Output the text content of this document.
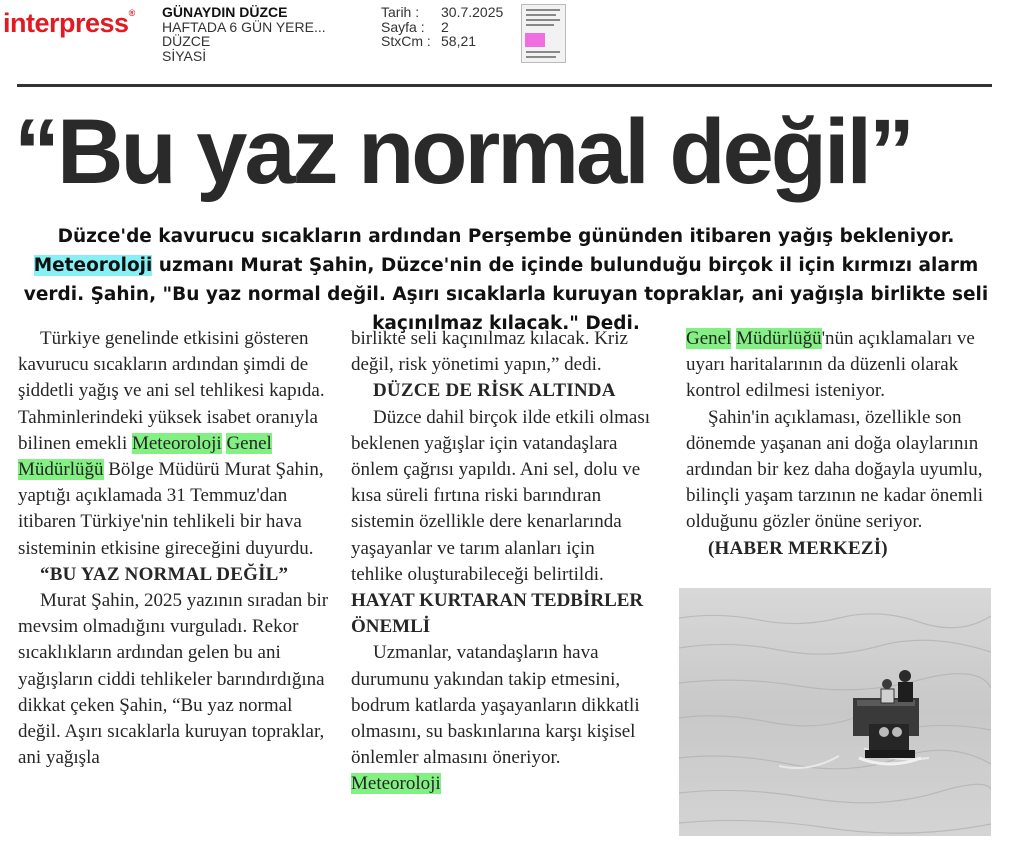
interpress® GÜNAYDIN DÜZCE
HAFTADA 6 GÜN YERE...
DÜZCE
SİYASİ
Tarih :	30.7.2025
Sayfa :	2
StxCm : 58,21
“Bu yaz normal değil”
Düzce'de kavurucu sıcakların ardından Perşembe gününden itibaren yağış bekleniyor. Meteoroloji uzmanı Murat Şahin, Düzce'nin de içinde bulunduğu birçok il için kırmızı alarm verdi. Şahin, "Bu yaz normal değil. Aşırı sıcaklarla kuruyan topraklar, ani yağışla birlikte seli kaçınılmaz kılacak." Dedi.

Türkiye genelinde etkisini gösteren kavurucu sıcakların ardından şimdi de şiddetli yağış ve ani sel tehlikesi kapıda. Tahminlerindeki yüksek isabet oranıyla bilinen emekli Meteoroloji Genel Müdürlüğü Bölge Müdürü Murat Şahin, yaptığı açıklamada 31 Temmuz'dan itibaren Türkiye'nin tehlikeli bir hava sisteminin etkisine gireceğini duyurdu.

“BU YAZ NORMAL DEĞİL”

Murat Şahin, 2025 yazının sıradan bir mevsim olmadığını vurguladı. Rekor sıcaklıkların ardından gelen bu ani yağışların ciddi tehlikeler barındırdığına dikkat çeken Şahin, “Bu yaz normal değil. Aşırı sıcaklarla kuruyan topraklar, ani yağışla

birlikte seli kaçınılmaz kılacak. Kriz değil, risk yönetimi yapın,” dedi.

DÜZCE DE RİSK ALTINDA

Düzce dahil birçok ilde etkili olması beklenen yağışlar için vatandaşlara önlem çağrısı yapıldı. Ani sel, dolu ve kısa süreli fırtına riski barındıran sistemin özellikle dere kenarlarında yaşayanlar ve tarım alanları için tehlike oluşturabileceği belirtildi.

HAYAT KURTARAN TEDBİRLER ÖNEMLİ

Uzmanlar, vatandaşların hava durumunu yakından takip etmesini, bodrum katlarda yaşayanların dikkatli olmasını, su baskınlarına karşı kişisel önlemler almasını öneriyor. Meteoroloji

Genel Müdürlüğü'nün açıklamaları ve uyarı haritalarının da düzenli olarak kontrol edilmesi isteniyor.

Şahin'in açıklaması, özellikle son dönemde yaşanan ani doğa olaylarının ardından bir kez daha doğayla uyumlu, bilinçli yaşam tarzının ne kadar önemli olduğunu gözler önüne seriyor.

(HABER MERKEZİ)
